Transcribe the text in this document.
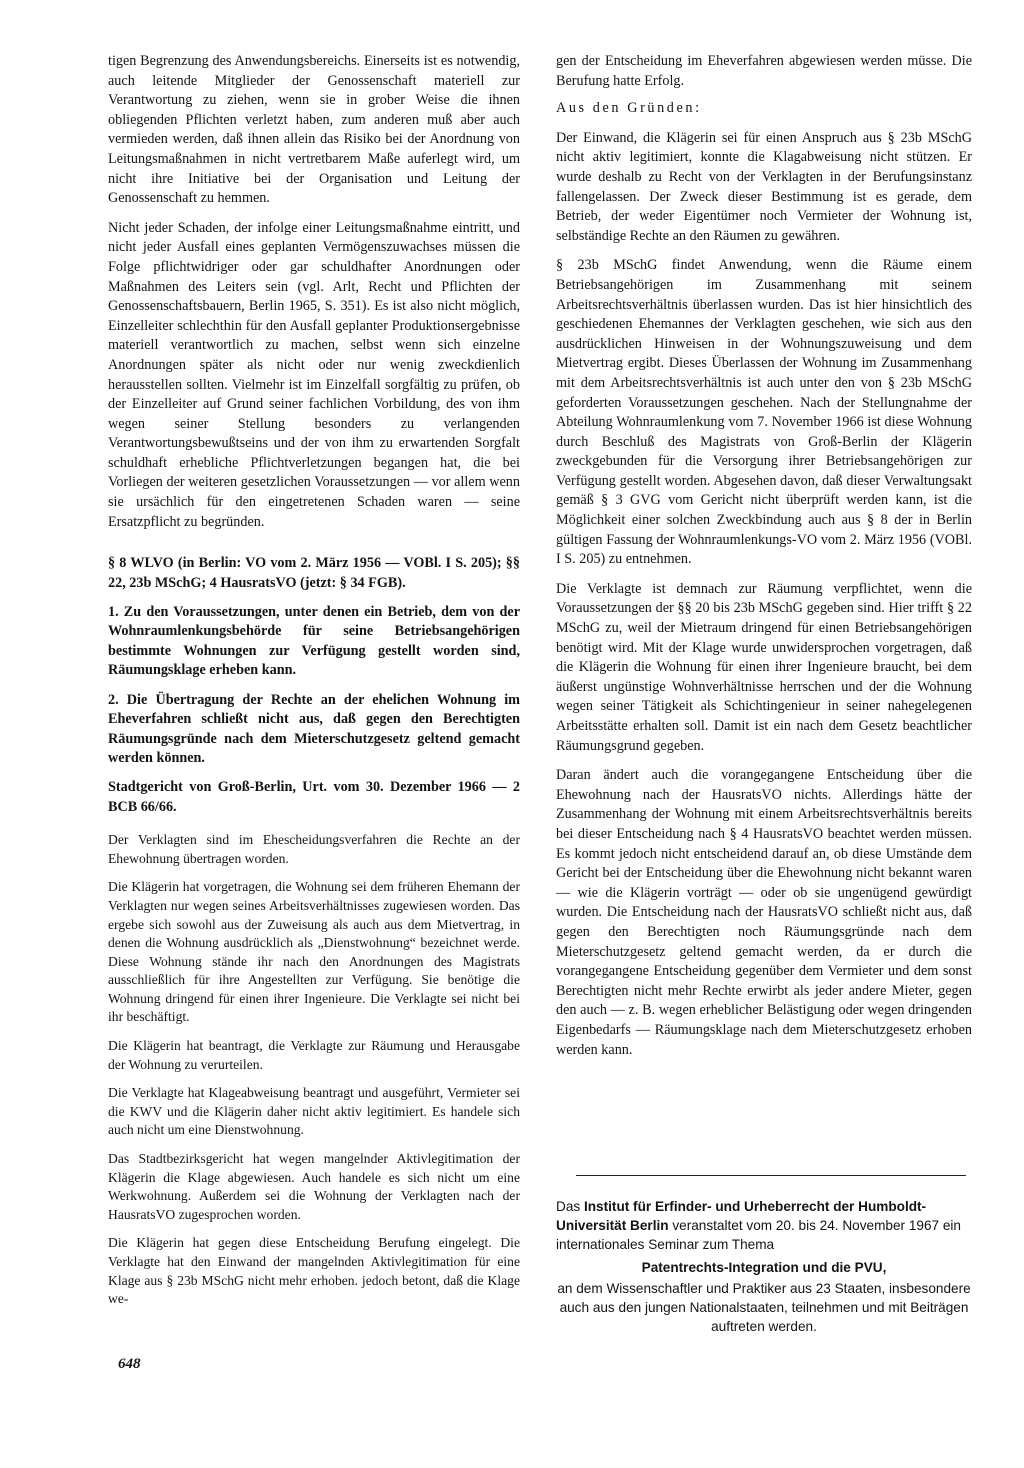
tigen Begrenzung des Anwendungsbereichs. Einerseits ist es notwendig, auch leitende Mitglieder der Genossenschaft materiell zur Verantwortung zu ziehen, wenn sie in grober Weise die ihnen obliegenden Pflichten verletzt haben, zum anderen muß aber auch vermieden werden, daß ihnen allein das Risiko bei der Anordnung von Leitungsmaßnahmen in nicht vertretbarem Maße auferlegt wird, um nicht ihre Initiative bei der Organisation und Leitung der Genossenschaft zu hemmen.

Nicht jeder Schaden, der infolge einer Leitungsmaßnahme eintritt, und nicht jeder Ausfall eines geplanten Vermögenszuwachses müssen die Folge pflichtwidriger oder gar schuldhafter Anordnungen oder Maßnahmen des Leiters sein (vgl. Arlt, Recht und Pflichten der Genossenschaftsbauern, Berlin 1965, S. 351). Es ist also nicht möglich, Einzelleiter schlechthin für den Ausfall geplanter Produktionsergebnisse materiell verantwortlich zu machen, selbst wenn sich einzelne Anordnungen später als nicht oder nur wenig zweckdienlich herausstellen sollten. Vielmehr ist im Einzelfall sorgfältig zu prüfen, ob der Einzelleiter auf Grund seiner fachlichen Vorbildung, des von ihm wegen seiner Stellung besonders zu verlangenden Verantwortungsbewußtseins und der von ihm zu erwartenden Sorgfalt schuldhaft erhebliche Pflichtverletzungen begangen hat, die bei Vorliegen der weiteren gesetzlichen Voraussetzungen — vor allem wenn sie ursächlich für den eingetretenen Schaden waren — seine Ersatzpflicht zu begründen.

§ 8 WLVO (in Berlin: VO vom 2. März 1956 — VOBl. I S. 205); §§ 22, 23b MSchG; 4 HausratsVO (jetzt: § 34 FGB).

1. Zu den Voraussetzungen, unter denen ein Betrieb, dem von der Wohnraumlenkungsbehörde für seine Betriebsangehörigen bestimmte Wohnungen zur Verfügung gestellt worden sind, Räumungsklage erheben kann.

2. Die Übertragung der Rechte an der ehelichen Wohnung im Eheverfahren schließt nicht aus, daß gegen den Berechtigten Räumungsgründe nach dem Mieterschutzgesetz geltend gemacht werden können.

Stadtgericht von Groß-Berlin, Urt. vom 30. Dezember 1966 — 2 BCB 66/66.

Der Verklagten sind im Ehescheidungsverfahren die Rechte an der Ehewohnung übertragen worden.

Die Klägerin hat vorgetragen, die Wohnung sei dem früheren Ehemann der Verklagten nur wegen seines Arbeitsverhältnisses zugewiesen worden. Das ergebe sich sowohl aus der Zuweisung als auch aus dem Mietvertrag, in denen die Wohnung ausdrücklich als „Dienstwohnung“ bezeichnet werde. Diese Wohnung stände ihr nach den Anordnungen des Magistrats ausschließlich für ihre Angestellten zur Verfügung. Sie benötige die Wohnung dringend für einen ihrer Ingenieure. Die Verklagte sei nicht bei ihr beschäftigt.

Die Klägerin hat beantragt, die Verklagte zur Räumung und Herausgabe der Wohnung zu verurteilen.

Die Verklagte hat Klageabweisung beantragt und ausgeführt, Vermieter sei die KWV und die Klägerin daher nicht aktiv legitimiert. Es handele sich auch nicht um eine Dienstwohnung.

Das Stadtbezirksgericht hat wegen mangelnder Aktivlegitimation der Klägerin die Klage abgewiesen. Auch handele es sich nicht um eine Werkwohnung. Außerdem sei die Wohnung der Verklagten nach der HausratsVO zugesprochen worden.

Die Klägerin hat gegen diese Entscheidung Berufung eingelegt. Die Verklagte hat den Einwand der mangelnden Aktivlegitimation für eine Klage aus § 23b MSchG nicht mehr erhoben. jedoch betont, daß die Klage we-

gen der Entscheidung im Eheverfahren abgewiesen werden müsse. Die Berufung hatte Erfolg.

Aus den Gründen:

Der Einwand, die Klägerin sei für einen Anspruch aus § 23b MSchG nicht aktiv legitimiert, konnte die Klagabweisung nicht stützen. Er wurde deshalb zu Recht von der Verklagten in der Berufungsinstanz fallengelassen. Der Zweck dieser Bestimmung ist es gerade, dem Betrieb, der weder Eigentümer noch Vermieter der Wohnung ist, selbständige Rechte an den Räumen zu gewähren.

§ 23b MSchG findet Anwendung, wenn die Räume einem Betriebsangehörigen im Zusammenhang mit seinem Arbeitsrechtsverhältnis überlassen wurden. Das ist hier hinsichtlich des geschiedenen Ehemannes der Verklagten geschehen, wie sich aus den ausdrücklichen Hinweisen in der Wohnungszuweisung und dem Mietvertrag ergibt. Dieses Überlassen der Wohnung im Zusammenhang mit dem Arbeitsrechtsverhältnis ist auch unter den von § 23b MSchG geforderten Voraussetzungen geschehen. Nach der Stellungnahme der Abteilung Wohnraumlenkung vom 7. November 1966 ist diese Wohnung durch Beschluß des Magistrats von Groß-Berlin der Klägerin zweckgebunden für die Versorgung ihrer Betriebsangehörigen zur Verfügung gestellt worden. Abgesehen davon, daß dieser Verwaltungsakt gemäß § 3 GVG vom Gericht nicht überprüft werden kann, ist die Möglichkeit einer solchen Zweckbindung auch aus § 8 der in Berlin gültigen Fassung der Wohnraumlenkungs-VO vom 2. März 1956 (VOBl. I S. 205) zu entnehmen.

Die Verklagte ist demnach zur Räumung verpflichtet, wenn die Voraussetzungen der §§ 20 bis 23b MSchG gegeben sind. Hier trifft § 22 MSchG zu, weil der Mietraum dringend für einen Betriebsangehörigen benötigt wird. Mit der Klage wurde unwidersprochen vorgetragen, daß die Klägerin die Wohnung für einen ihrer Ingenieure braucht, bei dem äußerst ungünstige Wohnverhältnisse herrschen und der die Wohnung wegen seiner Tätigkeit als Schichtingenieur in seiner nahegelegenen Arbeitsstätte erhalten soll. Damit ist ein nach dem Gesetz beachtlicher Räumungsgrund gegeben.

Daran ändert auch die vorangegangene Entscheidung über die Ehewohnung nach der HausratsVO nichts. Allerdings hätte der Zusammenhang der Wohnung mit einem Arbeitsrechtsverhältnis bereits bei dieser Entscheidung nach § 4 HausratsVO beachtet werden müssen. Es kommt jedoch nicht entscheidend darauf an, ob diese Umstände dem Gericht bei der Entscheidung über die Ehewohnung nicht bekannt waren — wie die Klägerin vorträgt — oder ob sie ungenügend gewürdigt wurden. Die Entscheidung nach der HausratsVO schließt nicht aus, daß gegen den Berechtigten noch Räumungsgründe nach dem Mieterschutzgesetz geltend gemacht werden, da er durch die vorangegangene Entscheidung gegenüber dem Vermieter und dem sonst Berechtigten nicht mehr Rechte erwirbt als jeder andere Mieter, gegen den auch — z. B. wegen erheblicher Belästigung oder wegen dringenden Eigenbedarfs — Räumungsklage nach dem Mieterschutzgesetz erhoben werden kann.

Das Institut für Erfinder- und Urheberrecht der Humboldt-Universität Berlin veranstaltet vom 20. bis 24. November 1967 ein internationales Seminar zum Thema
Patentrechts-Integration und die PVU,
an dem Wissenschaftler und Praktiker aus 23 Staaten, insbesondere auch aus den jungen Nationalstaaten, teilnehmen und mit Beiträgen auftreten werden.
648
